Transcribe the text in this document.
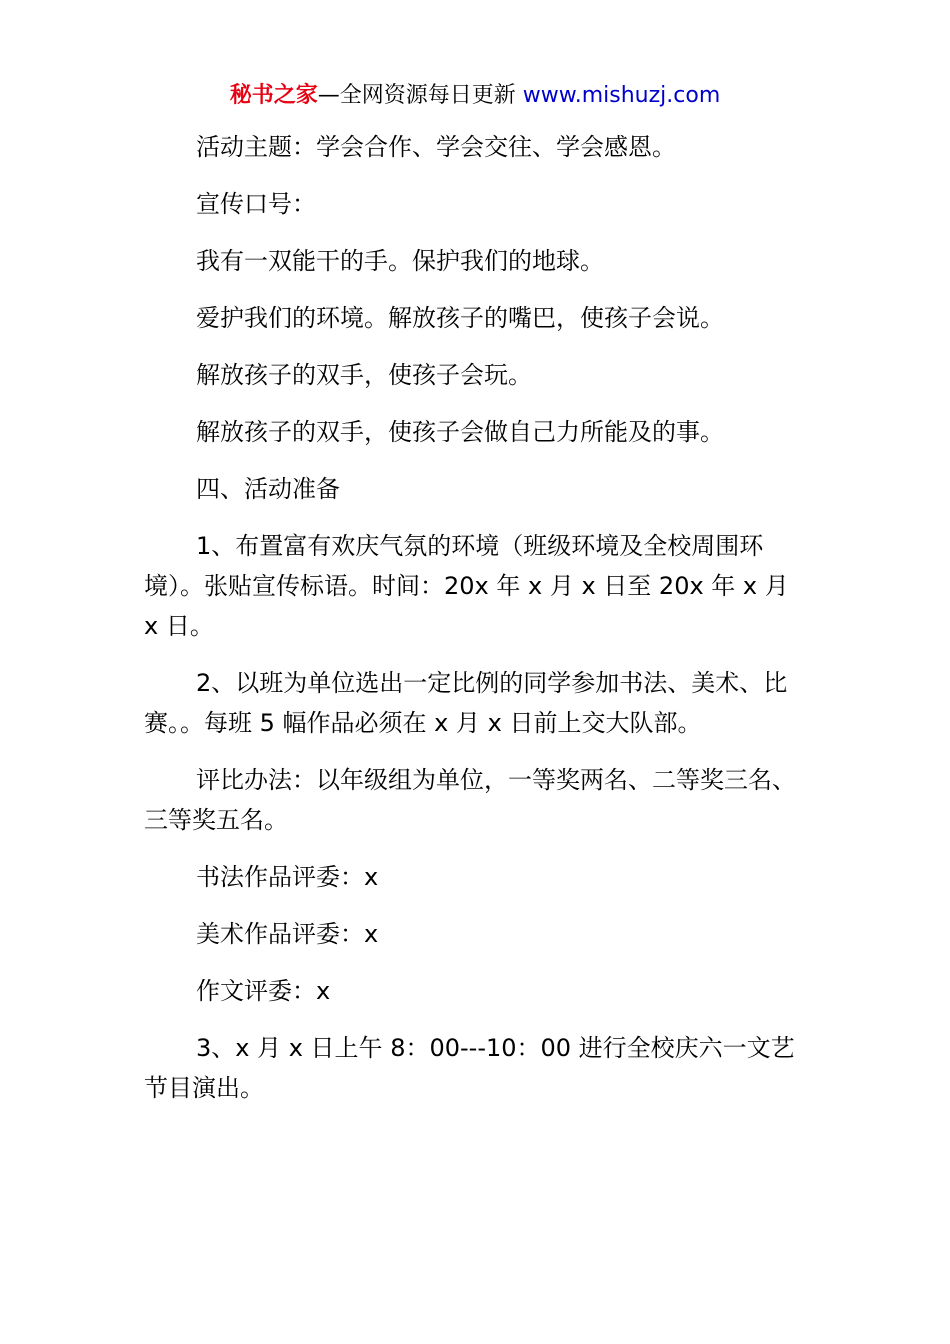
秘书之家—全网资源每日更新 www.mishuzj.com

活动主题：学会合作、学会交往、学会感恩。

宣传口号：

我有一双能干的手。保护我们的地球。

爱护我们的环境。解放孩子的嘴巴，使孩子会说。

解放孩子的双手，使孩子会玩。

解放孩子的双手，使孩子会做自己力所能及的事。

四、活动准备

1、布置富有欢庆气氛的环境（班级环境及全校周围环境）。张贴宣传标语。时间：20x 年 x 月 x 日至 20x 年 x 月 x 日。

2、以班为单位选出一定比例的同学参加书法、美术、比赛。。每班 5 幅作品必须在 x 月 x 日前上交大队部。

评比办法：以年级组为单位，一等奖两名、二等奖三名、三等奖五名。

书法作品评委：x

美术作品评委：x

作文评委：x

3、x 月 x 日上午 8：00---10：00 进行全校庆六一文艺节目演出。
